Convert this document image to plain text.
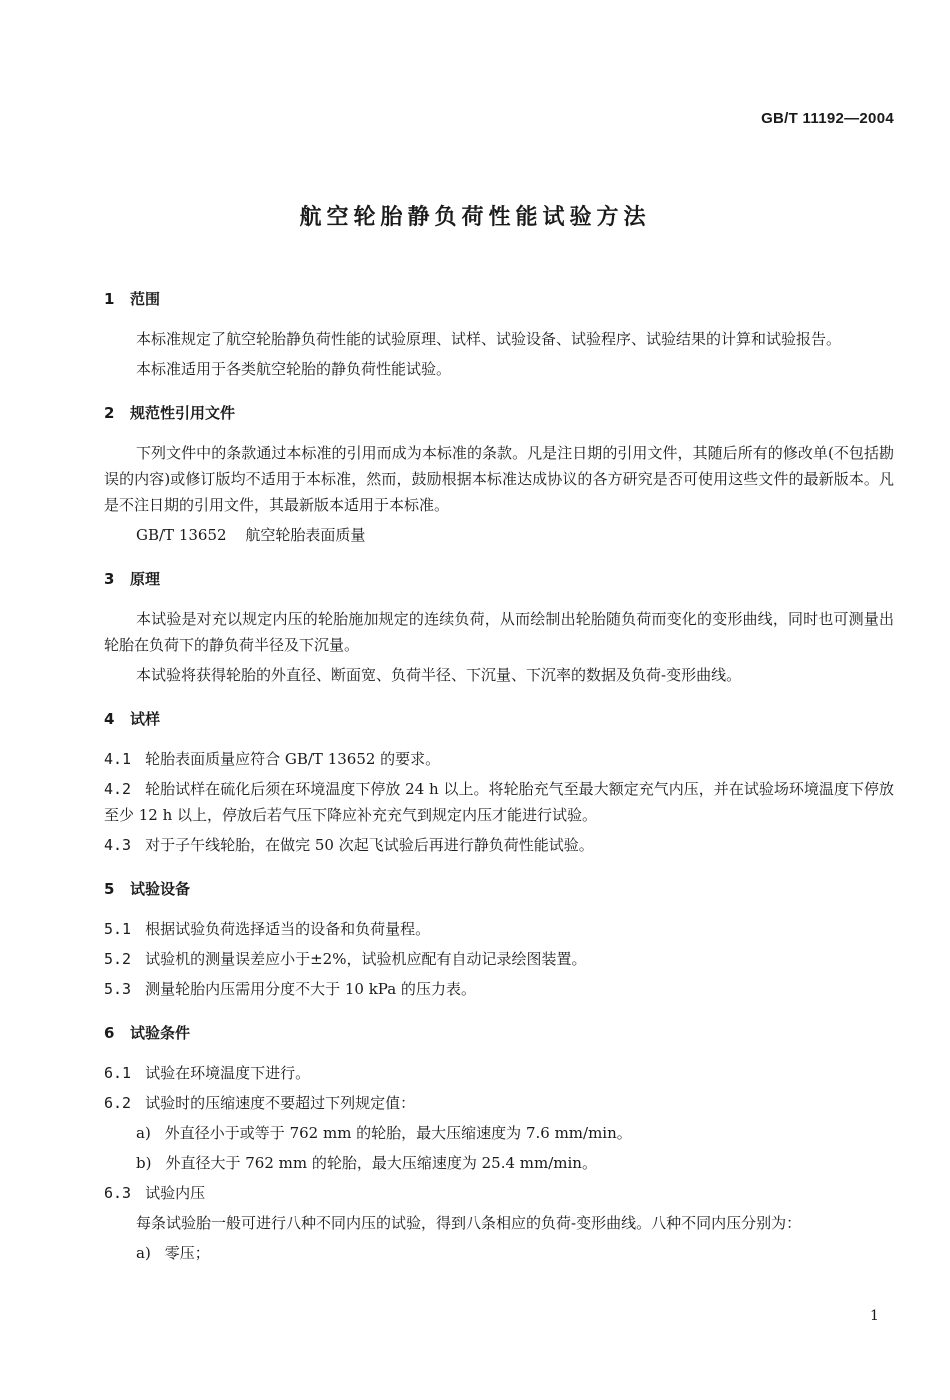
GB/T 11192—2004
航空轮胎静负荷性能试验方法
1	范围
本标准规定了航空轮胎静负荷性能的试验原理、试样、试验设备、试验程序、试验结果的计算和试验报告。
本标准适用于各类航空轮胎的静负荷性能试验。
2	规范性引用文件
下列文件中的条款通过本标准的引用而成为本标准的条款。凡是注日期的引用文件，其随后所有的修改单(不包括勘误的内容)或修订版均不适用于本标准，然而，鼓励根据本标准达成协议的各方研究是否可使用这些文件的最新版本。凡是不注日期的引用文件，其最新版本适用于本标准。
GB/T 13652 航空轮胎表面质量
3	原理
本试验是对充以规定内压的轮胎施加规定的连续负荷，从而绘制出轮胎随负荷而变化的变形曲线，同时也可测量出轮胎在负荷下的静负荷半径及下沉量。
本试验将获得轮胎的外直径、断面宽、负荷半径、下沉量、下沉率的数据及负荷-变形曲线。
4	试样
4.1 轮胎表面质量应符合 GB/T 13652 的要求。
4.2 轮胎试样在硫化后须在环境温度下停放 24 h 以上。将轮胎充气至最大额定充气内压，并在试验场环境温度下停放至少 12 h 以上，停放后若气压下降应补充充气到规定内压才能进行试验。
4.3 对于子午线轮胎，在做完 50 次起飞试验后再进行静负荷性能试验。
5	试验设备
5.1 根据试验负荷选择适当的设备和负荷量程。
5.2 试验机的测量误差应小于±2%，试验机应配有自动记录绘图装置。
5.3 测量轮胎内压需用分度不大于 10 kPa 的压力表。
6	试验条件
6.1 试验在环境温度下进行。
6.2 试验时的压缩速度不要超过下列规定值：
a) 外直径小于或等于 762 mm 的轮胎，最大压缩速度为 7.6 mm/min。
b) 外直径大于 762 mm 的轮胎，最大压缩速度为 25.4 mm/min。
6.3 试验内压
每条试验胎一般可进行八种不同内压的试验，得到八条相应的负荷-变形曲线。八种不同内压分别为：
a) 零压；
1
